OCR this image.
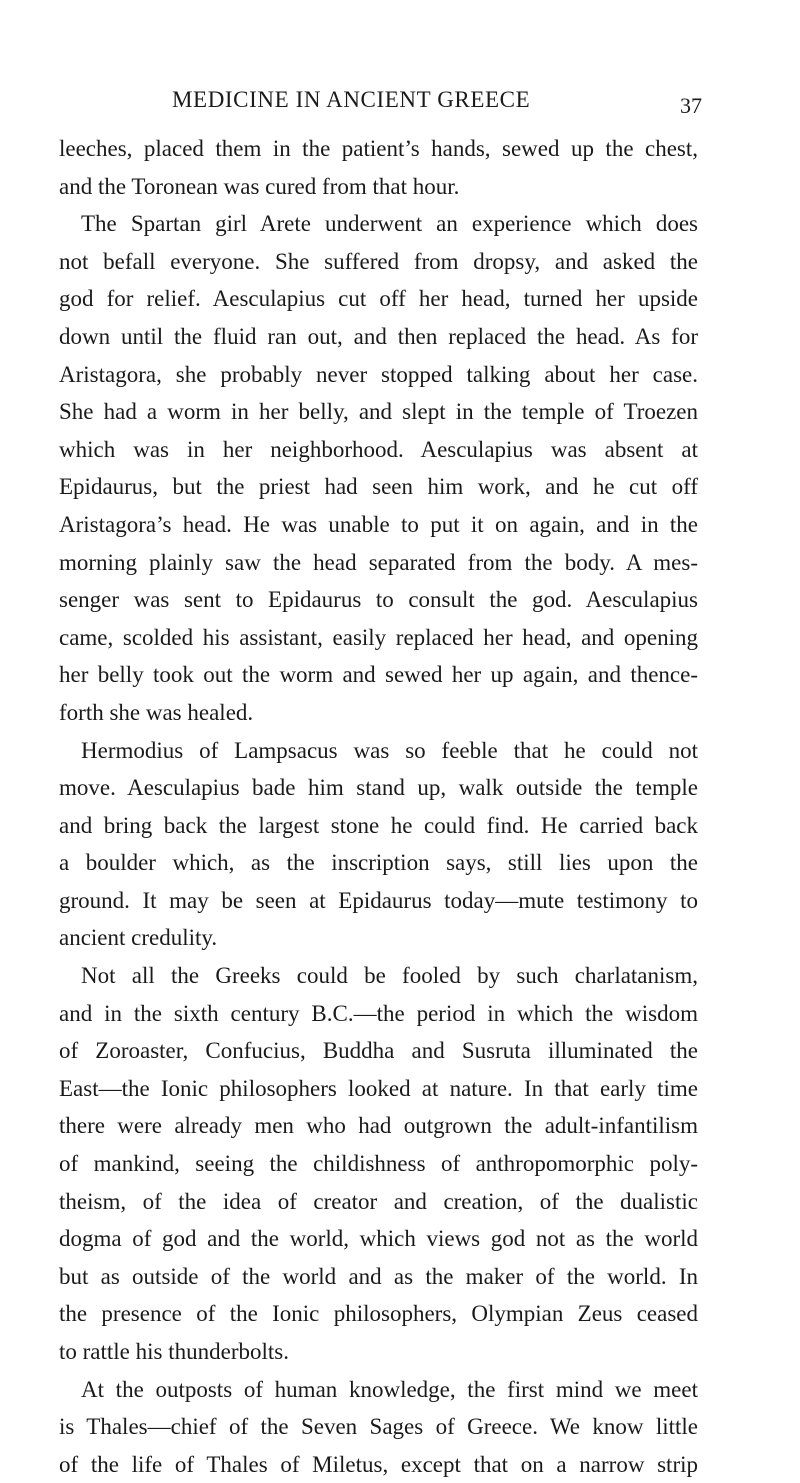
MEDICINE IN ANCIENT GREECE	37
leeches, placed them in the patient’s hands, sewed up the chest,
and the Toronean was cured from that hour.
The Spartan girl Arete underwent an experience which does
not befall everyone. She suffered from dropsy, and asked the
god for relief. Aesculapius cut off her head, turned her upside
down until the fluid ran out, and then replaced the head. As for
Aristagora, she probably never stopped talking about her case.
She had a worm in her belly, and slept in the temple of Troezen
which was in her neighborhood. Aesculapius was absent at
Epidaurus, but the priest had seen him work, and he cut off
Aristagora’s head. He was unable to put it on again, and in the
morning plainly saw the head separated from the body. A mes-
senger was sent to Epidaurus to consult the god. Aesculapius
came, scolded his assistant, easily replaced her head, and opening
her belly took out the worm and sewed her up again, and thence-
forth she was healed.
Hermodius of Lampsacus was so feeble that he could not
move. Aesculapius bade him stand up, walk outside the temple
and bring back the largest stone he could find. He carried back
a boulder which, as the inscription says, still lies upon the
ground. It may be seen at Epidaurus today—mute testimony to
ancient credulity.
Not all the Greeks could be fooled by such charlatanism,
and in the sixth century B.C.—the period in which the wisdom
of Zoroaster, Confucius, Buddha and Susruta illuminated the
East—the Ionic philosophers looked at nature. In that early time
there were already men who had outgrown the adult-infantilism
of mankind, seeing the childishness of anthropomorphic poly-
theism, of the idea of creator and creation, of the dualistic
dogma of god and the world, which views god not as the world
but as outside of the world and as the maker of the world. In
the presence of the Ionic philosophers, Olympian Zeus ceased
to rattle his thunderbolts.
At the outposts of human knowledge, the first mind we meet
is Thales—chief of the Seven Sages of Greece. We know little
of the life of Thales of Miletus, except that on a narrow strip
